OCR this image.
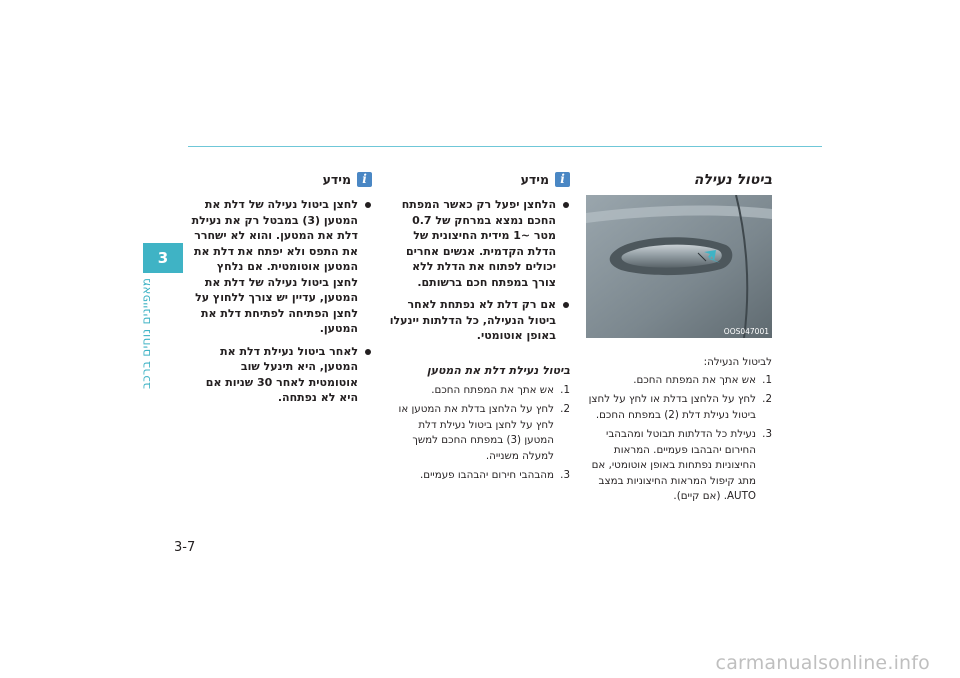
3
מאפיינים נוחים ברכב
3-7
ביטול נעילה
OOS047001
לביטול הנעילה:
1.
אש אתך את המפתח החכם.
2.
לחץ על הלחצן בדלת או לחץ על לחצן ביטול נעילת דלת (2) במפתח החכם.
3.
נעילת כל הדלתות תבוטל ומהבהבי החירום יהבהבו פעמיים. המראות החיצוניות נפתחות באופן אוטומטי, אם מתג קיפול המראות החיצוניות במצב AUTO. (אם קיים).
i
מידע
הלחצן יפעל רק כאשר המפתח החכם נמצא במרחק של 0.7 מטר ~1 מידית החיצונית של הדלת הקדמית. אנשים אחרים יכולים לפתוח את הדלת ללא צורך במפתח חכם ברשותם.
אם רק דלת לא נפתחת לאחר ביטול הנעילה, כל הדלתות יינעלו באופן אוטומטי.
ביטול נעילת דלת את המטען
1.
אש אתך את המפתח החכם.
2.
לחץ על הלחצן בדלת את המטען או לחץ על לחצן ביטול נעילת דלת המטען (3) במפתח החכם למשך למעלה משנייה.
3.
מהבהבי חירום יהבהבו פעמיים.
i
מידע
לחצן ביטול נעילה של דלת את המטען (3) במבטל רק את נעילת דלת את המטען. והוא לא ישחרר את התפס ולא יפתח את דלת את המטען אוטומטית. אם נלחץ לחצן ביטול נעילה של דלת את המטען, עדיין יש צורך ללחוץ על לחצן הפתיחה לפתיחת דלת את המטען.
לאחר ביטול נעילת דלת את המטען, היא תינעל שוב אוטומטית לאחר 30 שניות אם היא לא נפתחה.
carmanualsonline.info
